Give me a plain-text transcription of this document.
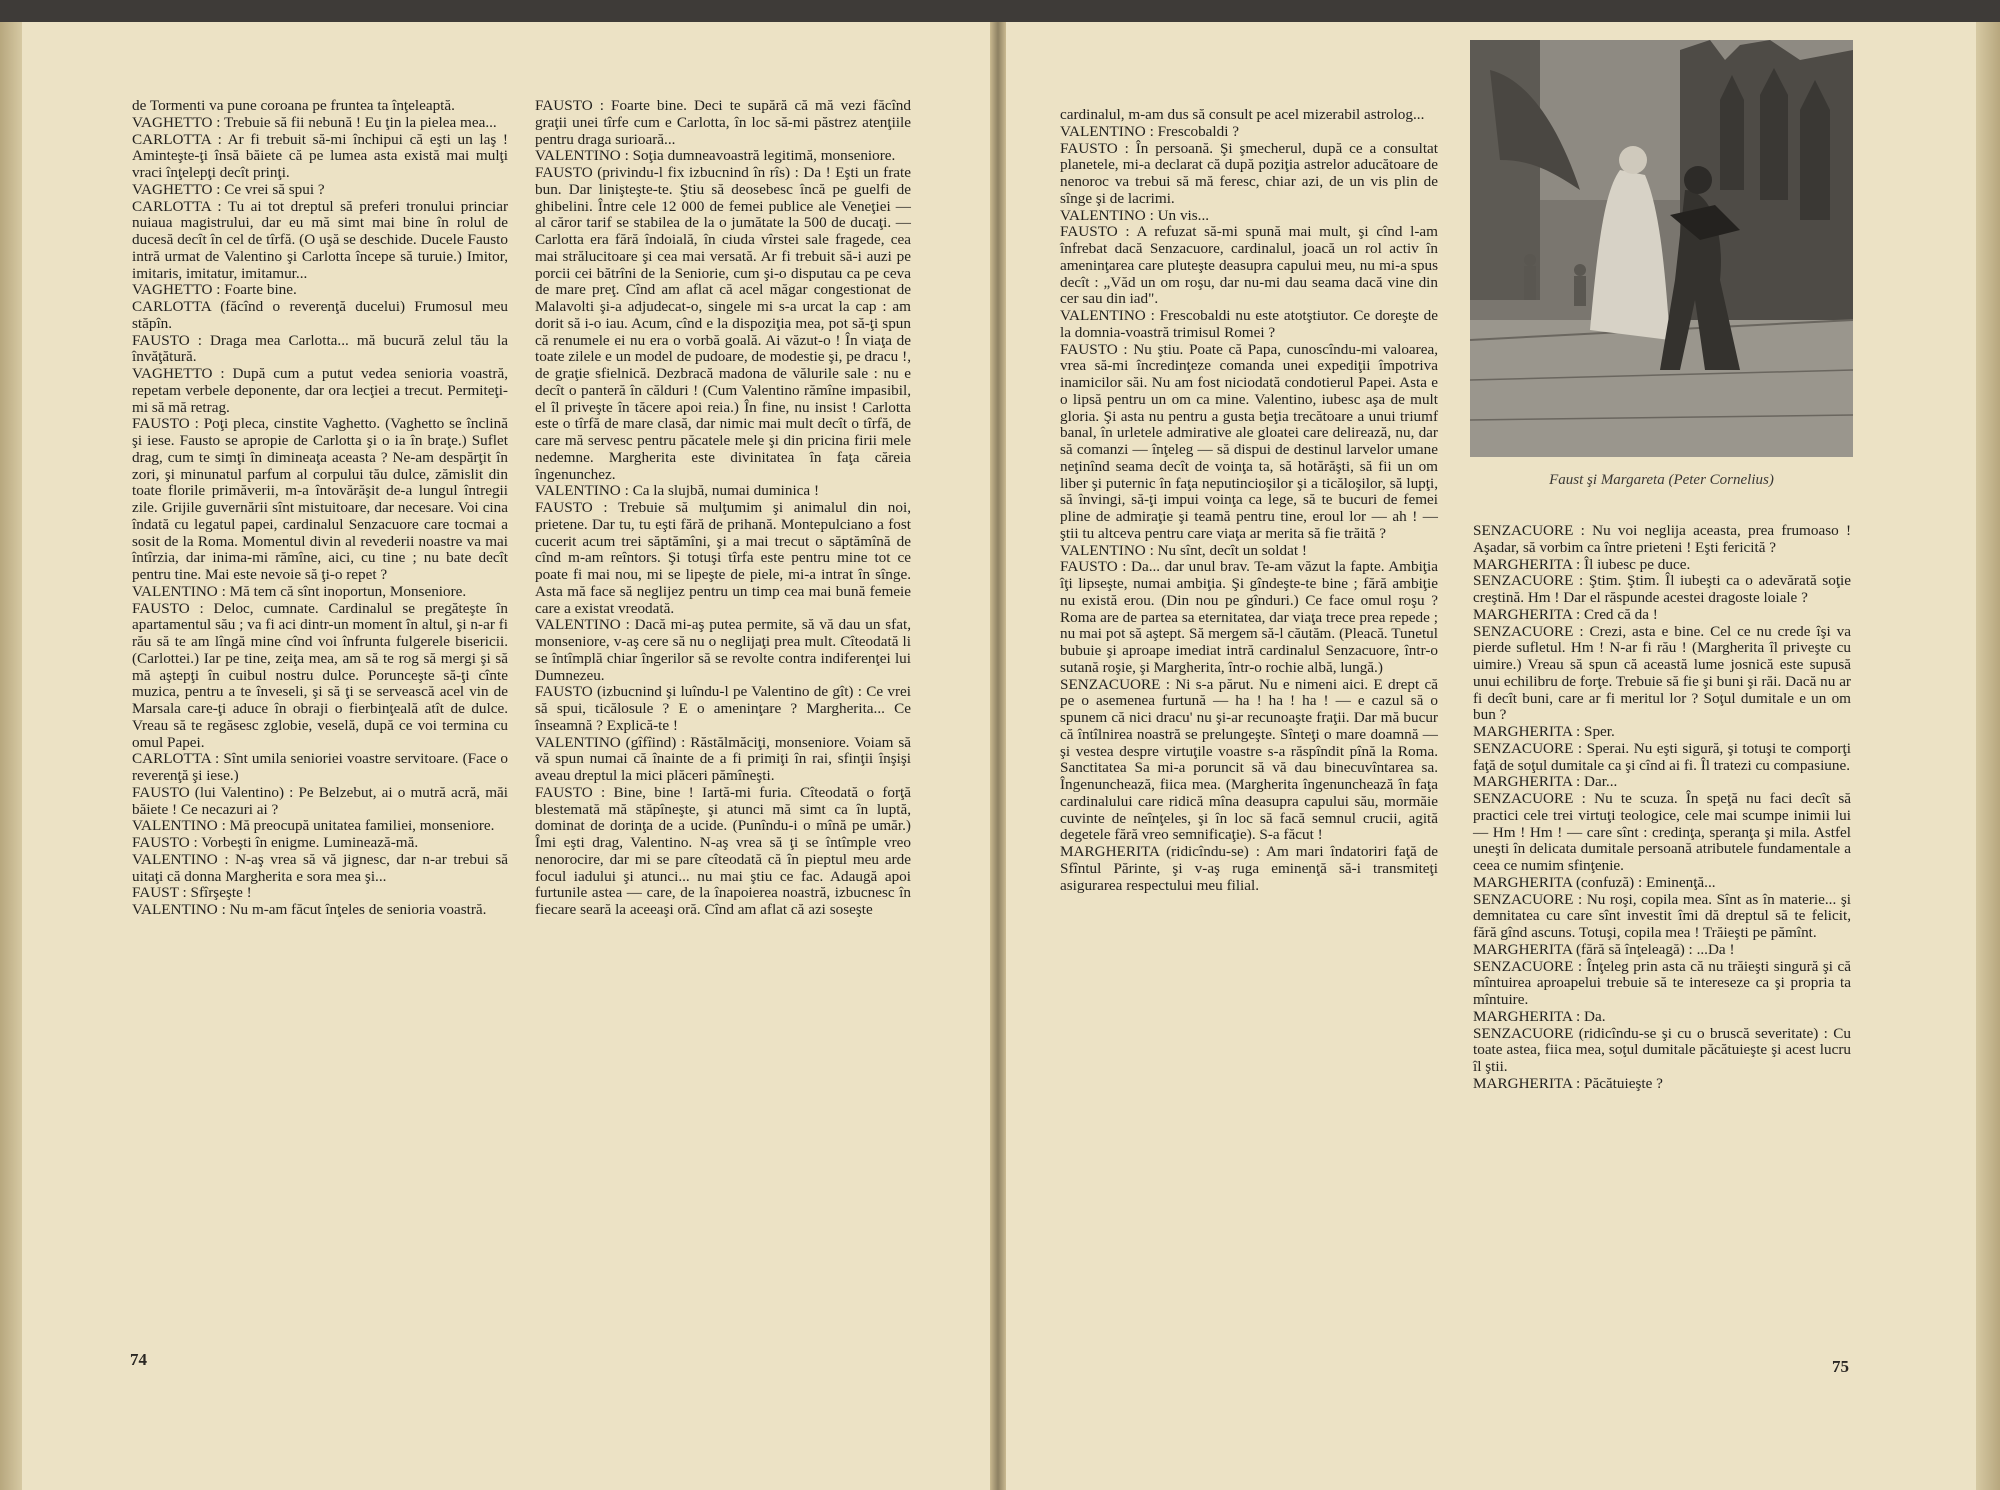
de Tormenti va pune coroana pe fruntea ta înţeleaptă.

VAGHETTO : Trebuie să fii nebună ! Eu ţin la pielea mea...

CARLOTTA : Ar fi trebuit să-mi închipui că eşti un laş ! Aminteşte-ţi însă băiete că pe lumea asta există mai mulţi vraci înţelepţi decît prinţi.

VAGHETTO : Ce vrei să spui ?

CARLOTTA : Tu ai tot dreptul să preferi tronului princiar nuiaua magistrului, dar eu mă simt mai bine în rolul de ducesă decît în cel de tîrfă. (O uşă se deschide. Ducele Fausto intră urmat de Valentino şi Carlotta începe să turuie.) Imitor, imitaris, imitatur, imitamur...

VAGHETTO : Foarte bine.

CARLOTTA (făcînd o reverenţă ducelui) Frumosul meu stăpîn.

FAUSTO : Draga mea Carlotta... mă bucură zelul tău la învăţătură.

VAGHETTO : După cum a putut vedea senioria voastră, repetam verbele deponente, dar ora lecţiei a trecut. Permiteţi-mi să mă retrag.

FAUSTO : Poţi pleca, cinstite Vaghetto. (Vaghetto se înclină şi iese. Fausto se apropie de Carlotta şi o ia în braţe.) Suflet drag, cum te simţi în dimineaţa aceasta ? Ne-am despărţit în zori, şi minunatul parfum al corpului tău dulce, zămislit din toate florile primăverii, m-a întovărăşit de-a lungul întregii zile. Grijile guvernării sînt mistuitoare, dar necesare. Voi cina îndată cu legatul papei, cardinalul Senzacuore care tocmai a sosit de la Roma. Momentul divin al revederii noastre va mai întîrzia, dar inima-mi rămîne, aici, cu tine ; nu bate decît pentru tine. Mai este nevoie să ţi-o repet ?

VALENTINO : Mă tem că sînt inoportun, Monseniore.

FAUSTO : Deloc, cumnate. Cardinalul se pregăteşte în apartamentul său ; va fi aci dintr-un moment în altul, şi n-ar fi rău să te am lîngă mine cînd voi înfrunta fulgerele bisericii. (Carlottei.) Iar pe tine, zeiţa mea, am să te rog să mergi şi să mă aştepţi în cuibul nostru dulce. Porunceşte să-ţi cînte muzica, pentru a te înveseli, şi să ţi se servească acel vin de Marsala care-ţi aduce în obraji o fierbinţeală atît de dulce. Vreau să te regăsesc zglobie, veselă, după ce voi termina cu omul Papei.

CARLOTTA : Sînt umila senioriei voastre servitoare. (Face o reverenţă şi iese.)

FAUSTO (lui Valentino) : Pe Belzebut, ai o mutră acră, măi băiete ! Ce necazuri ai ?

VALENTINO : Mă preocupă unitatea familiei, monseniore.

FAUSTO : Vorbeşti în enigme. Luminează-mă.

VALENTINO : N-aş vrea să vă jignesc, dar n-ar trebui să uitaţi că donna Margherita e sora mea şi...

FAUST : Sfîrşeşte !

VALENTINO : Nu m-am făcut înţeles de senioria voastră.

FAUSTO : Foarte bine. Deci te supără că mă vezi făcînd graţii unei tîrfe cum e Carlotta, în loc să-mi păstrez atenţiile pentru draga surioară...

VALENTINO : Soţia dumneavoastră legitimă, monseniore.

FAUSTO (privindu-l fix izbucnind în rîs) : Da ! Eşti un frate bun. Dar linişteşte-te. Ştiu să deosebesc încă pe guelfi de ghibelini. Între cele 12 000 de femei publice ale Veneţiei — al căror tarif se stabilea de la o jumătate la 500 de ducaţi. — Carlotta era fără îndoială, în ciuda vîrstei sale fragede, cea mai strălucitoare şi cea mai versată. Ar fi trebuit să-i auzi pe porcii cei bătrîni de la Seniorie, cum şi-o disputau ca pe ceva de mare preţ. Cînd am aflat că acel măgar congestionat de Malavolti şi-a adjudecat-o, singele mi s-a urcat la cap : am dorit să i-o iau. Acum, cînd e la dispoziţia mea, pot să-ţi spun că renumele ei nu era o vorbă goală. Ai văzut-o ! În viaţa de toate zilele e un model de pudoare, de modestie şi, pe dracu !, de graţie sfielnică. Dezbracă madona de vălurile sale : nu e decît o panteră în călduri ! (Cum Valentino rămîne impasibil, el îl priveşte în tăcere apoi reia.) În fine, nu insist ! Carlotta este o tîrfă de mare clasă, dar nimic mai mult decît o tîrfă, de care mă servesc pentru păcatele mele şi din pricina firii mele nedemne. Margherita este divinitatea în faţa căreia îngenunchez.

VALENTINO : Ca la slujbă, numai duminica !

FAUSTO : Trebuie să mulţumim şi animalul din noi, prietene. Dar tu, tu eşti fără de prihană. Montepulciano a fost cucerit acum trei săptămîni, şi a mai trecut o săptămînă de cînd m-am reîntors. Şi totuşi tîrfa este pentru mine tot ce poate fi mai nou, mi se lipeşte de piele, mi-a intrat în sînge. Asta mă face să neglijez pentru un timp cea mai bună femeie care a existat vreodată.

VALENTINO : Dacă mi-aş putea permite, să vă dau un sfat, monseniore, v-aş cere să nu o neglijaţi prea mult. Cîteodată li se întîmplă chiar îngerilor să se revolte contra indiferenţei lui Dumnezeu.

FAUSTO (izbucnind şi luîndu-l pe Valentino de gît) : Ce vrei să spui, ticălosule ? E o ameninţare ? Margherita... Ce înseamnă ? Explică-te !

VALENTINO (gîfîind) : Răstălmăciţi, monseniore. Voiam să vă spun numai că înainte de a fi primiţi în rai, sfinţii înşişi aveau dreptul la mici plăceri pămîneşti.

FAUSTO : Bine, bine ! Iartă-mi furia. Cîteodată o forţă blestemată mă stăpîneşte, şi atunci mă simt ca în luptă, dominat de dorinţa de a ucide. (Punîndu-i o mînă pe umăr.) Îmi eşti drag, Valentino. N-aş vrea să ţi se întîmple vreo nenorocire, dar mi se pare cîteodată că în pieptul meu arde focul iadului şi atunci... nu mai ştiu ce fac. Adaugă apoi furtunile astea — care, de la înapoierea noastră, izbucnesc în fiecare seară la aceeaşi oră. Cînd am aflat că azi soseşte

cardinalul, m-am dus să consult pe acel mizerabil astrolog...

VALENTINO : Frescobaldi ?

FAUSTO : În persoană. Şi şmecherul, după ce a consultat planetele, mi-a declarat că după poziţia astrelor aducătoare de nenoroc va trebui să mă feresc, chiar azi, de un vis plin de sînge şi de lacrimi.

VALENTINO : Un vis...

FAUSTO : A refuzat să-mi spună mai mult, şi cînd l-am înfrebat dacă Senzacuore, cardinalul, joacă un rol activ în ameninţarea care pluteşte deasupra capului meu, nu mi-a spus decît : „Văd un om roşu, dar nu-mi dau seama dacă vine din cer sau din iad".

VALENTINO : Frescobaldi nu este atotştiutor. Ce doreşte de la domnia-voastră trimisul Romei ?

FAUSTO : Nu ştiu. Poate că Papa, cunoscîndu-mi valoarea, vrea să-mi încredinţeze comanda unei expediţii împotriva inamicilor săi. Nu am fost niciodată condotierul Papei. Asta e o lipsă pentru un om ca mine. Valentino, iubesc aşa de mult gloria. Şi asta nu pentru a gusta beţia trecătoare a unui triumf banal, în urletele admirative ale gloatei care delirează, nu, dar să comanzi — înţeleg — să dispui de destinul larvelor umane neţinînd seama decît de voinţa ta, să hotărăşti, să fii un om liber şi puternic în faţa neputincioşilor şi a ticăloşilor, să lupţi, să învingi, să-ţi impui voinţa ca lege, să te bucuri de femei pline de admiraţie şi teamă pentru tine, eroul lor — ah ! — ştii tu altceva pentru care viaţa ar merita să fie trăită ?

VALENTINO : Nu sînt, decît un soldat !

FAUSTO : Da... dar unul brav. Te-am văzut la fapte. Ambiţia îţi lipseşte, numai ambiţia. Şi gîndeşte-te bine ; fără ambiţie nu există erou. (Din nou pe gînduri.) Ce face omul roşu ? Roma are de partea sa eternitatea, dar viaţa trece prea repede ; nu mai pot să aştept. Să mergem să-l căutăm. (Pleacă. Tunetul bubuie şi aproape imediat intră cardinalul Senzacuore, într-o sutană roşie, şi Margherita, într-o rochie albă, lungă.)

SENZACUORE : Ni s-a părut. Nu e nimeni aici. E drept că pe o asemenea furtună — ha ! ha ! ha ! — e cazul să o spunem că nici dracu' nu şi-ar recunoaşte fraţii. Dar mă bucur că întîlnirea noastră se prelungeşte. Sînteţi o mare doamnă — şi vestea despre virtuţile voastre s-a răspîndit pînă la Roma. Sanctitatea Sa mi-a poruncit să vă dau binecuvîntarea sa. Îngenunchează, fiica mea. (Margherita îngenunchează în faţa cardinalului care ridică mîna deasupra capului său, mormăie cuvinte de neînţeles, şi în loc să facă semnul crucii, agită degetele fără vreo semnificaţie). S-a făcut !

MARGHERITA (ridicîndu-se) : Am mari îndatoriri faţă de Sfîntul Părinte, şi v-aş ruga eminenţă să-i transmiteţi asigurarea respectului meu filial.

SENZACUORE : Nu voi neglija aceasta, prea frumoaso ! Aşadar, să vorbim ca între prieteni ! Eşti fericită ?

MARGHERITA : Îl iubesc pe duce.

SENZACUORE : Ştim. Ştim. Îl iubeşti ca o adevărată soţie creştină. Hm ! Dar el răspunde acestei dragoste loiale ?

MARGHERITA : Cred că da !

SENZACUORE : Crezi, asta e bine. Cel ce nu crede îşi va pierde sufletul. Hm ! N-ar fi rău ! (Margherita îl priveşte cu uimire.) Vreau să spun că această lume josnică este supusă unui echilibru de forţe. Trebuie să fie şi buni şi răi. Dacă nu ar fi decît buni, care ar fi meritul lor ? Soţul dumitale e un om bun ?

MARGHERITA : Sper.

SENZACUORE : Sperai. Nu eşti sigură, şi totuşi te comporţi faţă de soţul dumitale ca şi cînd ai fi. Îl tratezi cu compasiune.

MARGHERITA : Dar...

SENZACUORE : Nu te scuza. În speţă nu faci decît să practici cele trei virtuţi teologice, cele mai scumpe inimii lui — Hm ! Hm ! — care sînt : credinţa, speranţa şi mila. Astfel uneşti în delicata dumitale persoană atributele fundamentale a ceea ce numim sfinţenie.

MARGHERITA (confuză) : Eminenţă...

SENZACUORE : Nu roşi, copila mea. Sînt as în materie... şi demnitatea cu care sînt investit îmi dă dreptul să te felicit, fără gînd ascuns. Totuşi, copila mea ! Trăieşti pe pămînt.

MARGHERITA (fără să înţeleagă) : ...Da !

SENZACUORE : Înţeleg prin asta că nu trăieşti singură şi că mîntuirea aproapelui trebuie să te intereseze ca şi propria ta mîntuire.

MARGHERITA : Da.

SENZACUORE (ridicîndu-se şi cu o bruscă severitate) : Cu toate astea, fiica mea, soţul dumitale păcătuieşte şi acest lucru îl ştii.

MARGHERITA : Păcătuieşte ?

74	75
Faust şi Margareta (Peter Cornelius)
